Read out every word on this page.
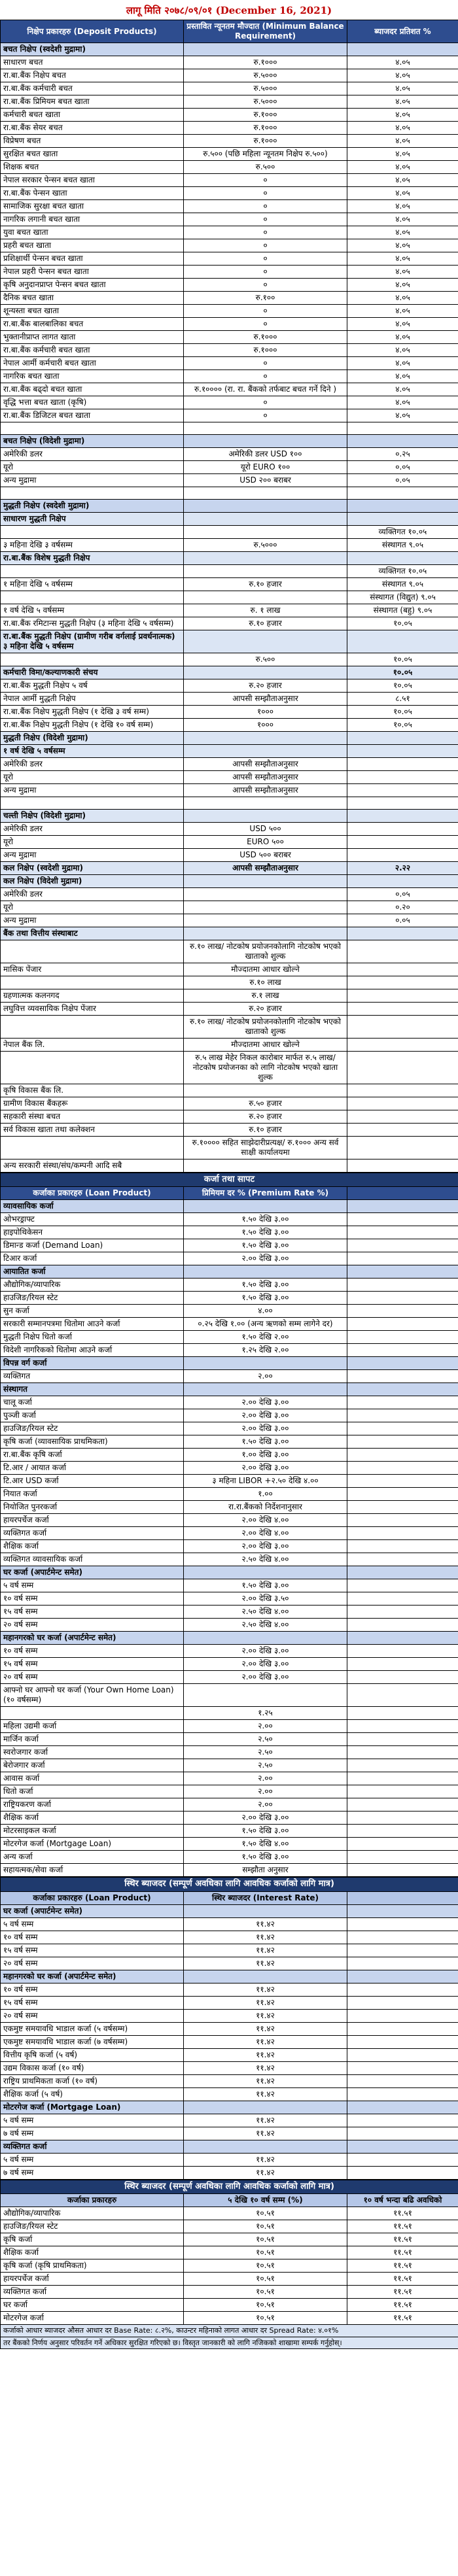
लागू मिति २०७८/०९/०१ (December 16, 2021)
निक्षेप प्रकारहरु (Deposit Products)	प्रस्तावित न्यूनतम मौज्दात (Minimum Balance Requirement)	ब्याजदर प्रतिशत %
बचत निक्षेप (स्वदेशी मुद्रामा)		
साधारण बचत	रु.१०००	४.०५
रा.बा.बैंक निक्षेप बचत	रु.५०००	४.०५
रा.बा.बैंक कर्मचारी बचत	रु.५०००	४.०५
रा.बा.बैंक प्रिमियम बचत खाता	रु.५०००	४.०५
कर्मचारी बचत खाता	रु.१०००	४.०५
रा.बा.बैंक सेयर बचत	रु.१०००	४.०५
विप्रेषण बचत	रु.१०००	४.०५
सुरक्षित बचत खाता	रु.५०० (पछि महिला न्यूनतम निक्षेप रु.५००)	४.०५
शिक्षक बचत	रु.५००	४.०५
नेपाल सरकार पेन्सन बचत खाता	०	४.०५
रा.बा.बैंक पेन्सन खाता	०	४.०५
सामाजिक सुरक्षा बचत खाता	०	४.०५
नागरिक लगानी बचत खाता	०	४.०५
युवा बचत खाता	०	४.०५
प्रहरी बचत खाता	०	४.०५
प्रशिक्षार्थी पेन्सन बचत खाता	०	४.०५
नेपाल प्रहरी पेन्सन बचत खाता	०	४.०५
कृषि अनुदानप्राप्त पेन्सन बचत खाता	०	४.०५
दैनिक बचत खाता	रु.१००	४.०५
शून्यस्ता बचत खाता	०	४.०५
रा.बा.बैंक बालबालिका बचत	०	४.०५
भुक्तानीप्राप्त लागत खाता	रु.१०००	४.०५
रा.बा.बैंक कर्मचारी बचत खाता	रु.१०००	४.०५
नेपाल आर्मी कर्मचारी बचत खाता	०	४.०५
नागरिक बचत खाता	०	४.०५
रा.बा.बैंक बढ्दो बचत खाता	रु.१०००० (रा. रा. बैंकको तर्फबाट बचत गर्ने दिने )	४.०५
वृद्धि भत्ता बचत खाता (कृषि)	०	४.०५
रा.बा.बैंक डिजिटल बचत खाता	०	४.०५

बचत निक्षेप (विदेशी मुद्रामा)		
अमेरिकी डलर	अमेरिकी डलर USD १००	०.२५
यूरो	यूरो EURO १००	०.०५
अन्य मुद्रामा	USD २०० बराबर	०.०५

मुद्धती निक्षेप (स्वदेशी मुद्रामा)		
साधारण मुद्धती निक्षेप		
		व्यक्तिगत १०.०५
३ महिना देखि ३ वर्षसम्म	रु.५०००	संस्थागत ९.०५
रा.बा.बैंक विशेष मुद्धती निक्षेप		
		व्यक्तिगत १०.०५
१ महिना देखि ५ वर्षसम्म	रु.१० हजार	संस्थागत ९.०५
		संस्थागत (विद्युत) ९.०५
१ वर्ष देखि ५ वर्षसम्म	रु. १ लाख	संस्थागत (बहु) ९.०५
रा.बा.बैंक रमिटान्स मुद्धती निक्षेप (३ महिना देखि ५ वर्षसम्म)	रु.१० हजार	१०.०५
रा.बा.बैंक मुद्धती निक्षेप (ग्रामीण गरीब वर्गलाई प्रवर्धनात्मक) ३ महिना देखि ५ वर्षसम्म		
	रु.५००	१०.०५
कर्मचारी विमा/कल्याणकारी संचय		१०.०५
रा.बा.बैंक मुद्धती निक्षेप ५ वर्ष	रु.२० हजार	१०.०५
नेपाल आर्मी मुद्धती निक्षेप	आपसी सम्झौताअनुसार	८.५१
रा.बा.बैंक निक्षेप मुद्धती निक्षेप (१ देखि ३ वर्ष सम्म)	१०००	१०.०५
रा.बा.बैंक निक्षेप मुद्धती निक्षेप (१ देखि १० वर्ष सम्म)	१०००	१०.०५
मुद्धती निक्षेप (विदेशी मुद्रामा)		
१ वर्ष देखि ५ वर्षसम्म		
अमेरिकी डलर	आपसी सम्झौताअनुसार	
यूरो	आपसी सम्झौताअनुसार	
अन्य मुद्रामा	आपसी सम्झौताअनुसार	

चल्ती निक्षेप (विदेशी मुद्रामा)		
अमेरिकी डलर	USD ५००	
यूरो	EURO ५००	
अन्य मुद्रामा	USD ५०० बराबर	
कल निक्षेप (स्वदेशी मुद्रामा)	आपसी सम्झौताअनुसार	२.२२
कल निक्षेप (विदेशी मुद्रामा)		
अमेरिकी डलर		०.०५
यूरो		०.२०
अन्य मुद्रामा		०.०५
बैंक तथा वित्तीय संस्थाबाट		
	रु.१० लाख/ नोटकोष प्रयोजनकोलागि नोटकोष भएको खाताको शुल्क	
मासिक पेंजार	मौज्दातमा आधार खोल्ने	
	रु.१० लाख	
ग्रहणात्मक कलनगद	रु.१ लाख	
लघुवित्त व्यवसायिक निक्षेप पेंजार	रु.२० हजार	
	रु.१० लाख/ नोटकोष प्रयोजनकोलागि नोटकोष भएको खाताको शुल्क	
नेपाल बैंक लि.	मौज्दातमा आधार खोल्ने	
	रु.५ लाख मेहेर निकल कारोबार मार्फत रु.५ लाख/ नोटकोष प्रयोजनका को लागि नोटकोष भएको खाता शुल्क	
कृषि विकास बैंक लि.		
ग्रामीण विकास बैंकहरू	रु.५० हजार	
सहकारी संस्था बचत	रु.२० हजार	
सर्व विकास खाता तथा कलेक्शन	रु.१० हजार	
	रु.१०००० सहित साझेदारीप्रत्यक्ष/ रु.१००० अन्य सर्व साक्षी कार्यालयमा	
अन्य सरकारी संस्था/संघ/कम्पनी आदि सबै		
कर्जा तथा सापट		
कर्जाका प्रकारहरु (Loan Product)	प्रिमियम दर % (Premium Rate %)	
व्यावसायिक कर्जा		
ओभरड्राफ्ट	१.५० देखि ३.००	
हाइपोथिकेसन	१.५० देखि ३.००	
डिमान्ड कर्जा (Demand Loan)	१.५० देखि ३.००	
टिआर कर्जा	२.०० देखि ३.००	
आयातित कर्जा		
औद्योगिक/व्यापारिक	१.५० देखि ३.००	
हाउजिङ/रियल स्टेट	१.५० देखि ३.००	
सुन कर्जा	४.००	
सरकारी सम्मानपत्रमा धितोमा आउने कर्जा	०.२५ देखि १.०० (अन्य ऋणको सम्म लागेने दर)	
मुद्धती निक्षेप धितो कर्जा	१.५० देखि २.००	
विदेशी नागरिकको धितोमा आउने कर्जा	१.२५ देखि २.००	
विपन्न वर्ग कर्जा		
व्यक्तिगत	२.००	
संस्थागत		
चालू कर्जा	२.०० देखि ३.००	
पुञ्जी कर्जा	२.०० देखि ३.००	
हाउजिङ/रियल स्टेट	२.०० देखि ३.००	
कृषि कर्जा (व्यावसायिक प्राथमिकता)	१.५० देखि ३.००	
रा.बा.बैंक कृषि कर्जा	१.०० देखि ३.००	
टि.आर / आयात कर्जा	२.०० देखि ३.००	
टि.आर USD कर्जा	३ महिना LIBOR +२.५० देखि ४.००	
नियात कर्जा	१.००	
नियोजित पुनरकर्जा	रा.रा.बैंकको निर्देशनानुसार	
हायरपर्चेज कर्जा	२.०० देखि ४.००	
व्यक्तिगत कर्जा	२.०० देखि ४.००	
शैक्षिक कर्जा	२.०० देखि ३.००	
व्यक्तिगत व्यावसायिक कर्जा	२.५० देखि ४.००	
घर कर्जा (अपार्टमेन्ट समेत)		
५ वर्ष सम्म	१.५० देखि ३.००	
१० वर्ष सम्म	२.०० देखि ३.५०	
१५ वर्ष सम्म	२.५० देखि ४.००	
२० वर्ष सम्म	२.५० देखि ४.००	
महानगरको घर कर्जा (अपार्टमेन्ट समेत)		
१० वर्ष सम्म	२.०० देखि ३.००	
१५ वर्ष सम्म	२.०० देखि ३.००	
२० वर्ष सम्म	२.०० देखि ३.००	
आफ्नो घर आफ्नो घर कर्जा (Your Own Home Loan) (१० वर्षसम्म)		
	१.२५	
महिला उद्यमी कर्जा	२.००	
मार्जिन कर्जा	२.५०	
स्वरोजगार कर्जा	२.५०	
बेरोजगार कर्जा	२.५०	
आवास कर्जा	२.००	
धितो कर्जा	२.००	
राष्ट्रियकरण कर्जा	२.००	
शैक्षिक कर्जा	२.०० देखि ३.००	
मोटरसाइकल कर्जा	१.५० देखि ३.००	
मोटरगेज कर्जा (Mortgage Loan)	१.५० देखि ४.००	
अन्य कर्जा	१.५० देखि ३.००	
सहायत्मक/सेवा कर्जा	सम्झौता अनुसार	
स्थिर ब्याजदर (सम्पूर्ण अवधिका लागि आवधिक कर्जाको लागि मात्र)		
कर्जाका प्रकारहरु (Loan Product)	स्थिर ब्याजदर (Interest Rate)	
घर कर्जा (अपार्टमेन्ट समेत)		
५ वर्ष सम्म	११.४२	
१० वर्ष सम्म	११.४२	
१५ वर्ष सम्म	११.४२	
२० वर्ष सम्म	११.४२	
महानगरको घर कर्जा (अपार्टमेन्ट समेत)		
१० वर्ष सम्म	११.४२	
१५ वर्ष सम्म	११.४२	
२० वर्ष सम्म	११.४२	
एकमुष्ट समयावधि भाडाल कर्जा (५ वर्षसम्म)	११.४२	
एकमुष्ट समयावधि भाडाल कर्जा (७ वर्षसम्म)	११.४२	
वित्तीय कृषि कर्जा (५ वर्ष)	११.४२	
उद्यम विकास कर्जा (१० वर्ष)	११.४२	
राष्ट्रिय प्राथमिकता कर्जा (१० वर्ष)	११.४२	
शैक्षिक कर्जा (५ वर्ष)	११.४२	
मोटरगेज कर्जा (Mortgage Loan)		
५ वर्ष सम्म	११.४२	
७ वर्ष सम्म	११.४२	
व्यक्तिगत कर्जा		
५ वर्ष सम्म	११.४२	
७ वर्ष सम्म	११.४२	
स्थिर ब्याजदर (सम्पूर्ण अवधिका लागि आवधिक कर्जाको लागि मात्र)		
कर्जाका प्रकारहरु	५ देखि १० वर्ष सम्म (%)	१० वर्ष भन्दा बढि अवधिको
औद्योगिक/व्यापारिक	१०.५१	११.५१
हाउजिङ/रियल स्टेट	१०.५१	११.५१
कृषि कर्जा	१०.५१	११.५१
शैक्षिक कर्जा	१०.५१	११.५१
कृषि कर्जा (कृषि प्राथमिकता)	१०.५१	११.५१
हायरपर्चेज कर्जा	१०.५१	११.५१
व्यक्तिगत कर्जा	१०.५१	११.५१
घर कर्जा	१०.५१	११.५१
मोटरगेज कर्जा	१०.५१	११.५१
कर्जाको आधार ब्याजदर औसत आधार दर Base Rate: ८.२%, काउन्टर महिनाको लागत आधार दर Spread Rate: ४.०१%		
तर बैंकको निर्णय अनुसार परिवर्तन गर्ने अधिकार सुरक्षित गरिएको छ। विस्तृत जानकारी को लागि नजिकको शाखामा सम्पर्क गर्नुहोस्।		
